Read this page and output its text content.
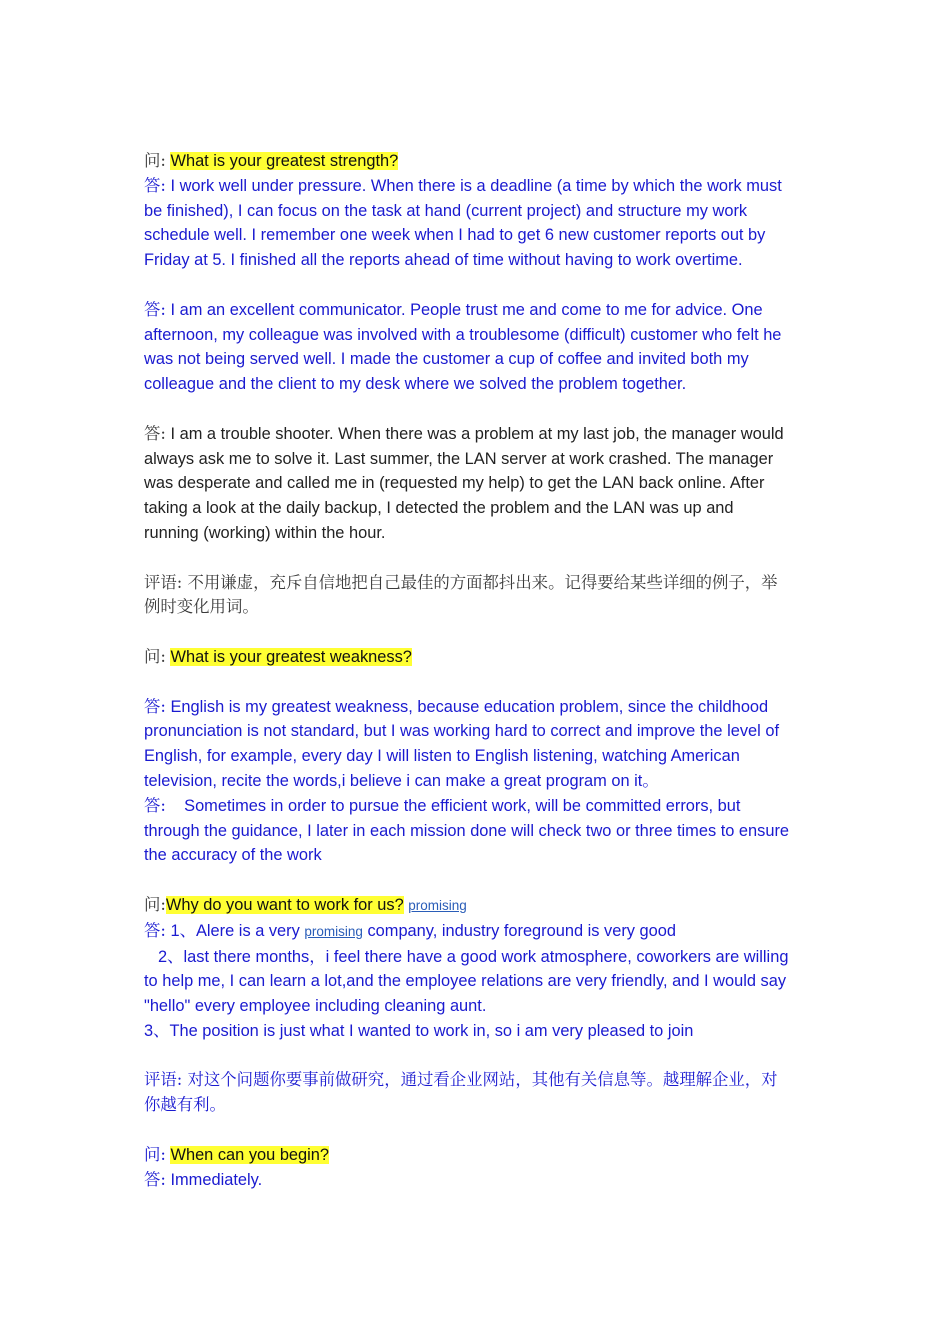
问: What is your greatest strength?
答: I work well under pressure. When there is a deadline (a time by which the work must
be finished), I can focus on the task at hand (current project) and structure my work
schedule well. I remember one week when I had to get 6 new customer reports out by
Friday at 5. I finished all the reports ahead of time without having to work overtime.
答: I am an excellent communicator. People trust me and come to me for advice. One
afternoon, my colleague was involved with a troublesome (difficult) customer who felt he
was not being served well. I made the customer a cup of coffee and invited both my
colleague and the client to my desk where we solved the problem together.
答: I am a trouble shooter. When there was a problem at my last job, the manager would
always ask me to solve it. Last summer, the LAN server at work crashed. The manager
was desperate and called me in (requested my help) to get the LAN back online. After
taking a look at the daily backup, I detected the problem and the LAN was up and
running (working) within the hour.
评语: 不用谦虚，充斥自信地把自己最佳的方面都抖出来。记得要给某些详细的例子，举
例时变化用词。
问: What is your greatest weakness?
答: English is my greatest weakness, because education problem, since the childhood
pronunciation is not standard, but I was working hard to correct and improve the level of
English, for example, every day I will listen to English listening, watching American
television, recite the words,i believe i can make a great program on it。
答:    Sometimes in order to pursue the efficient work, will be committed errors, but
through the guidance, I later in each mission done will check two or three times to ensure
the accuracy of the work
问:Why do you want to work for us? promising
答: 1、Alere is a very promising company, industry foreground is very good
2、last there months，i feel there have a good work atmosphere, coworkers are willing
to help me, I can learn a lot,and the employee relations are very friendly, and I would say
"hello" every employee including cleaning aunt.
3、The position is just what I wanted to work in, so i am very pleased to join
评语: 对这个问题你要事前做研究，通过看企业网站，其他有关信息等。越理解企业，对
你越有利。
问: When can you begin?
答: Immediately.
